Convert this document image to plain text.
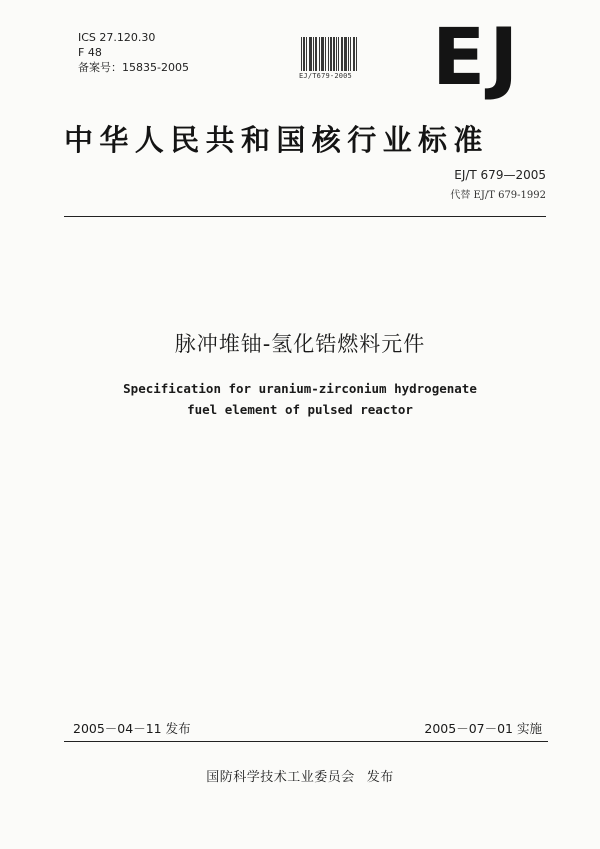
ICS 27.120.30
F 48
备案号：15835-2005
EJ/T679-2005 EJ
中华人民共和国核行业标准
EJ/T 679—2005
代替 EJ/T 679-1992
脉冲堆铀-氢化锆燃料元件
Specification for uranium-zirconium hydrogenate
fuel element of pulsed reactor
2005－04－11 发布	2005－07－01 实施
国防科学技术工业委员会 发布
